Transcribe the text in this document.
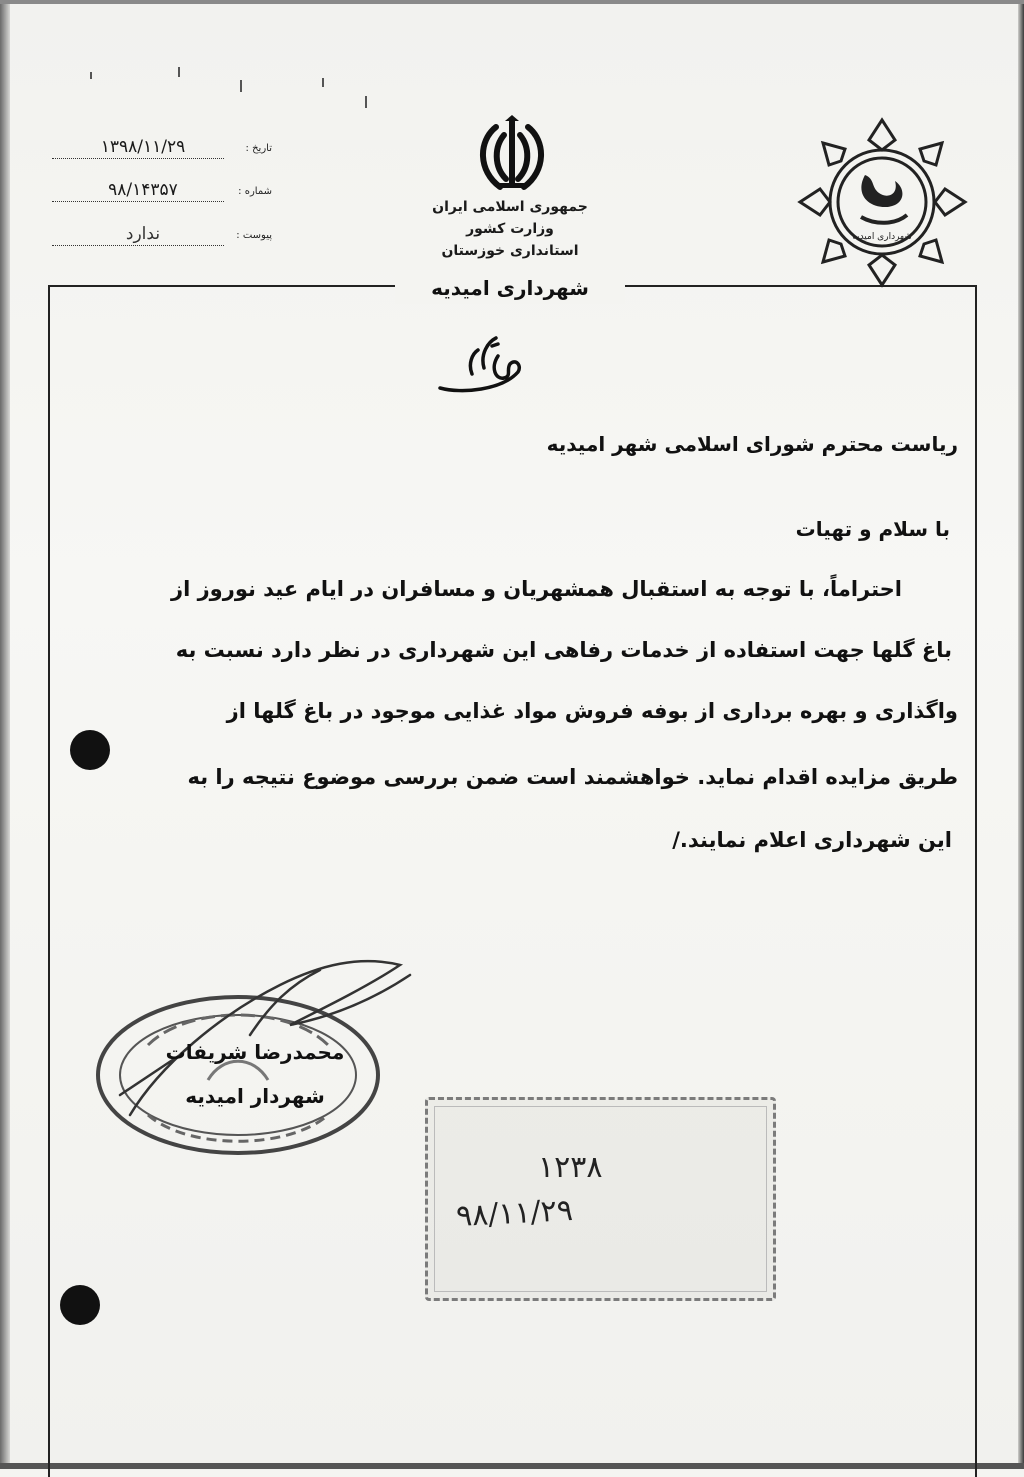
تاریخ :
۱۳۹۸/۱۱/۲۹
شماره :
۹۸/۱۴۳۵۷
پیوست :
ندارد
جمهوری اسلامی ایران
وزارت کشور
استانداری خوزستان
شهرداری امیدیه
شهرداری امیدیه
بسمه تعالی
ریاست محترم شورای اسلامی شهر امیدیه
با سلام و تهیات
احتراماً، با توجه به استقبال همشهریان و مسافران در ایام عید نوروز از
باغ گلها جهت استفاده از خدمات رفاهی این شهرداری در نظر دارد نسبت به
واگذاری و بهره برداری از بوفه فروش مواد غذایی موجود در باغ گلها از
طریق مزایده اقدام نماید. خواهشمند است ضمن بررسی موضوع نتیجه را به
این شهرداری اعلام نمایند./
محمدرضا شریفات
شهردار امیدیه
۱۲۳۸
۹۸/۱۱/۲۹
